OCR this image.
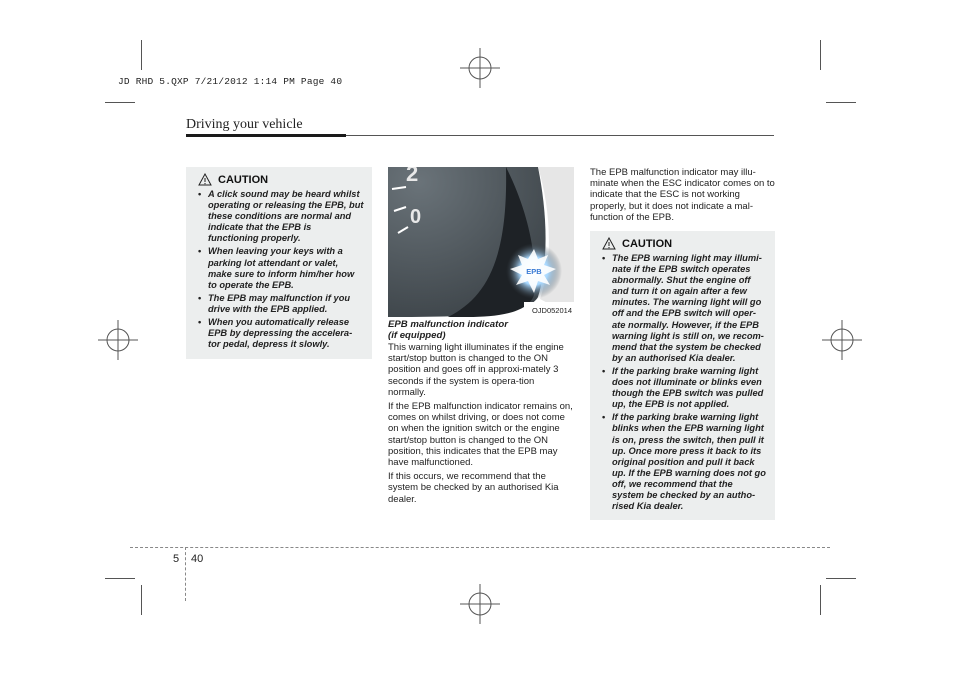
JD RHD 5.QXP 7/21/2012 1:14 PM Page 40
Driving your vehicle
CAUTION
• A click sound may be heard whilst operating or releasing the EPB, but these conditions are normal and indicate that the EPB is functioning properly.
• When leaving your keys with a parking lot attendant or valet, make sure to inform him/her how to operate the EPB.
• The EPB may malfunction if you drive with the EPB applied.
• When you automatically release EPB by depressing the accelera-tor pedal, depress it slowly.
2
0
EPB
OJD052014
EPB malfunction indicator
(if equipped)

This warning light illuminates if the engine start/stop button is changed to the ON position and goes off in approxi-mately 3 seconds if the system is opera-tion normally.

If the EPB malfunction indicator remains on, comes on whilst driving, or does not come on when the ignition switch or the engine start/stop button is changed to the ON position, this indicates that the EPB may have malfunctioned.

If this occurs, we recommend that the system be checked by an authorised Kia dealer.

The EPB malfunction indicator may illu-minate when the ESC indicator comes on to indicate that the ESC is not working properly, but it does not indicate a mal-function of the EPB.

CAUTION
• The EPB warning light may illumi-nate if the EPB switch operates abnormally. Shut the engine off and turn it on again after a few minutes. The warning light will go off and the EPB switch will oper-ate normally. However, if the EPB warning light is still on, we recom-mend that the system be checked by an authorised Kia dealer.
• If the parking brake warning light does not illuminate or blinks even though the EPB switch was pulled up, the EPB is not applied.
• If the parking brake warning light blinks when the EPB warning light is on, press the switch, then pull it up. Once more press it back to its original position and pull it back up. If the EPB warning does not go off, we recommend that the system be checked by an autho-rised Kia dealer.
5 40
